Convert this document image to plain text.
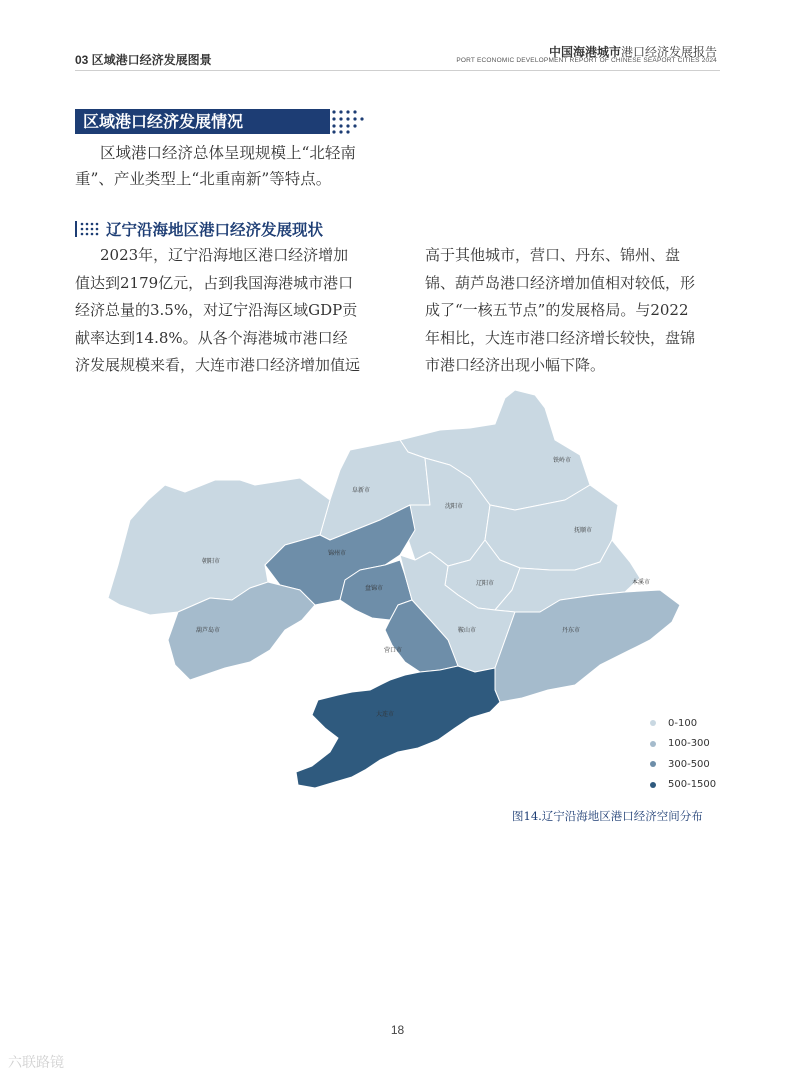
03 区域港口经济发展图景
中国海港城市港口经济发展报告
PORT ECONOMIC DEVELOPMENT REPORT OF CHINESE SEAPORT CITIES 2024
区域港口经济发展情况
区域港口经济总体呈现规模上“北轻南
重”、产业类型上“北重南新”等特点。
辽宁沿海地区港口经济发展现状
2023年，辽宁沿海地区港口经济增加
值达到2179亿元，占到我国海港城市港口
经济总量的3.5%，对辽宁沿海区域GDP贡
献率达到14.8%。从各个海港城市港口经
济发展规模来看，大连市港口经济增加值远
高于其他城市，营口、丹东、锦州、盘
锦、葫芦岛港口经济增加值相对较低，形
成了“一核五节点”的发展格局。与2022
年相比，大连市港口经济增长较快，盘锦
市港口经济出现小幅下降。
铁岭市
阜新市
沈阳市
抚顺市
朝阳市
锦州市
盘锦市
辽阳市	本溪市
鞍山市
葫芦岛市
营口市
丹东市
大连市
0-100
100-300
300-500
500-1500
图14.辽宁沿海地区港口经济空间分布
18
六联路镜
